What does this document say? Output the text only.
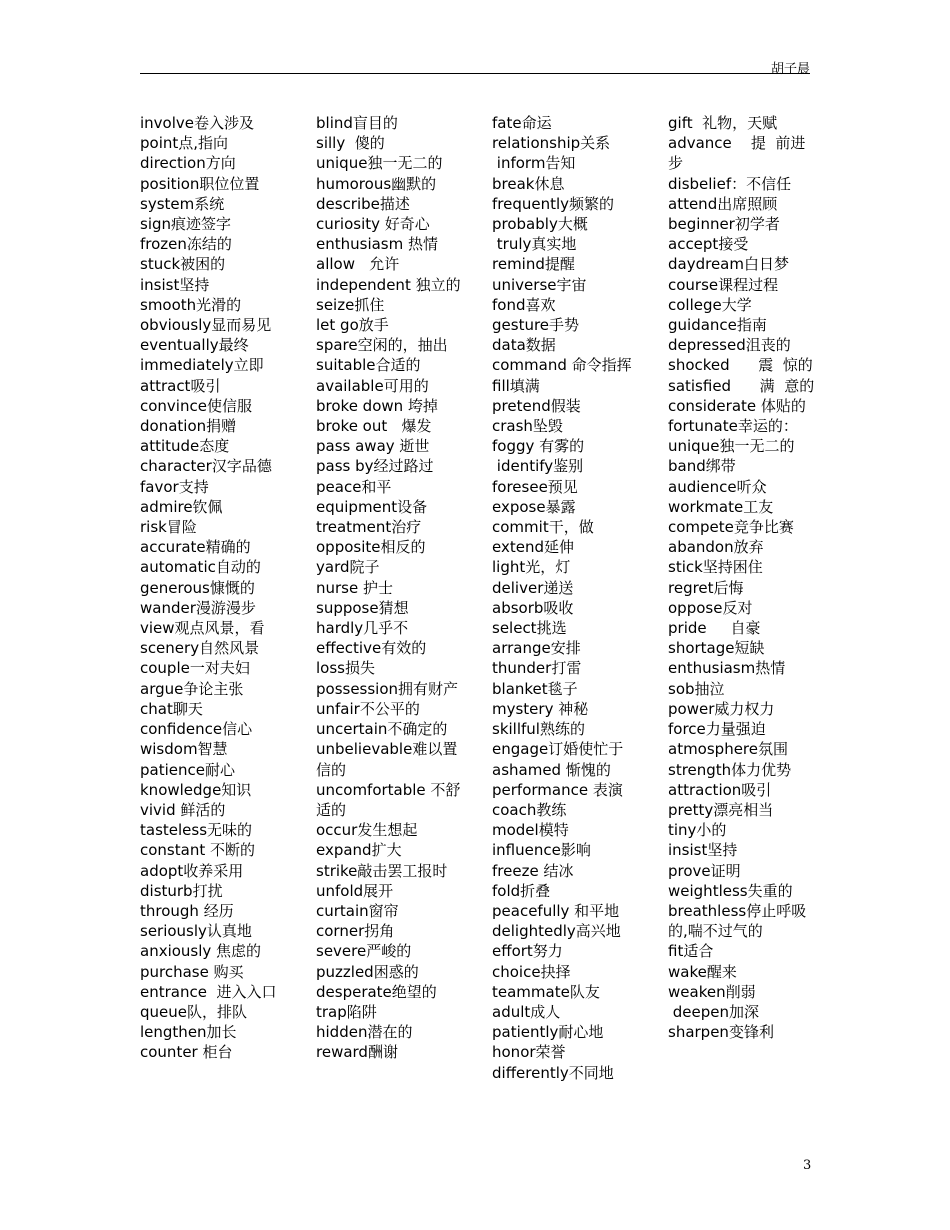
胡子晨
involve卷入涉及
point点,指向
direction方向
position职位位置
system系统
sign痕迹签字
frozen冻结的
stuck被困的
insist坚持
smooth光滑的
obviously显而易见
eventually最终
immediately立即
attract吸引
convince使信服
donation捐赠
attitude态度
character汉字品德
favor支持
admire钦佩
risk冒险
accurate精确的
automatic自动的
generous慷慨的
wander漫游漫步
view观点风景，看
scenery自然风景
couple一对夫妇
argue争论主张
chat聊天
confidence信心
wisdom智慧
patience耐心
knowledge知识
vivid 鲜活的
tasteless无味的
constant 不断的
adopt收养采用
disturb打扰
through 经历
seriously认真地
anxiously 焦虑的
purchase 购买
entrance  进入入口
queue队，排队
lengthen加长
counter 柜台
blind盲目的
silly  傻的
unique独一无二的
humorous幽默的
describe描述
curiosity 好奇心
enthusiasm 热情
allow   允许
independent 独立的
seize抓住
let go放手
spare空闲的，抽出
suitable合适的
available可用的
broke down 垮掉
broke out   爆发
pass away 逝世
pass by经过路过
peace和平
equipment设备
treatment治疗
opposite相反的
yard院子
nurse 护士
suppose猜想
hardly几乎不
effective有效的
loss损失
possession拥有财产
unfair不公平的
uncertain不确定的
unbelievable难以置信的
uncomfortable 不舒适的
occur发生想起
expand扩大
strike敲击罢工报时
unfold展开
curtain窗帘
corner拐角
severe严峻的
puzzled困惑的
desperate绝望的
trap陷阱
hidden潜在的
reward酬谢
fate命运
relationship关系
inform告知
break休息
frequently频繁的
probably大概
truly真实地
remind提醒
universe宇宙
fond喜欢
gesture手势
data数据
command 命令指挥
fill填满
pretend假装
crash坠毁
foggy 有雾的
identify鉴别
foresee预见
expose暴露
commit干，做
extend延伸
light光，灯
deliver递送
absorb吸收
select挑选
arrange安排
thunder打雷
blanket毯子
mystery 神秘
skillful熟练的
engage订婚使忙于
ashamed 惭愧的
performance 表演
coach教练
model模特
influence影响
freeze 结冰
fold折叠
peacefully 和平地
delightedly高兴地
effort努力
choice抉择
teammate队友
adult成人
patiently耐心地
honor荣誉
differently不同地
gift  礼物，天赋
advance    提  前进步
disbelief：不信任
attend出席照顾
beginner初学者
accept接受
daydream白日梦
course课程过程
college大学
guidance指南
depressed沮丧的
shocked      震  惊的
satisfied      满  意的
considerate 体贴的
fortunate幸运的：
unique独一无二的
band绑带
audience听众
workmate工友
compete竞争比赛
abandon放弃
stick坚持困住
regret后悔
oppose反对
pride     自豪
shortage短缺
enthusiasm热情
sob抽泣
power威力权力
force力量强迫
atmosphere氛围
strength体力优势
attraction吸引
pretty漂亮相当
tiny小的
insist坚持
prove证明
weightless失重的
breathless停止呼吸的,喘不过气的
fit适合
wake醒来
weaken削弱
deepen加深
sharpen变锋利
3
